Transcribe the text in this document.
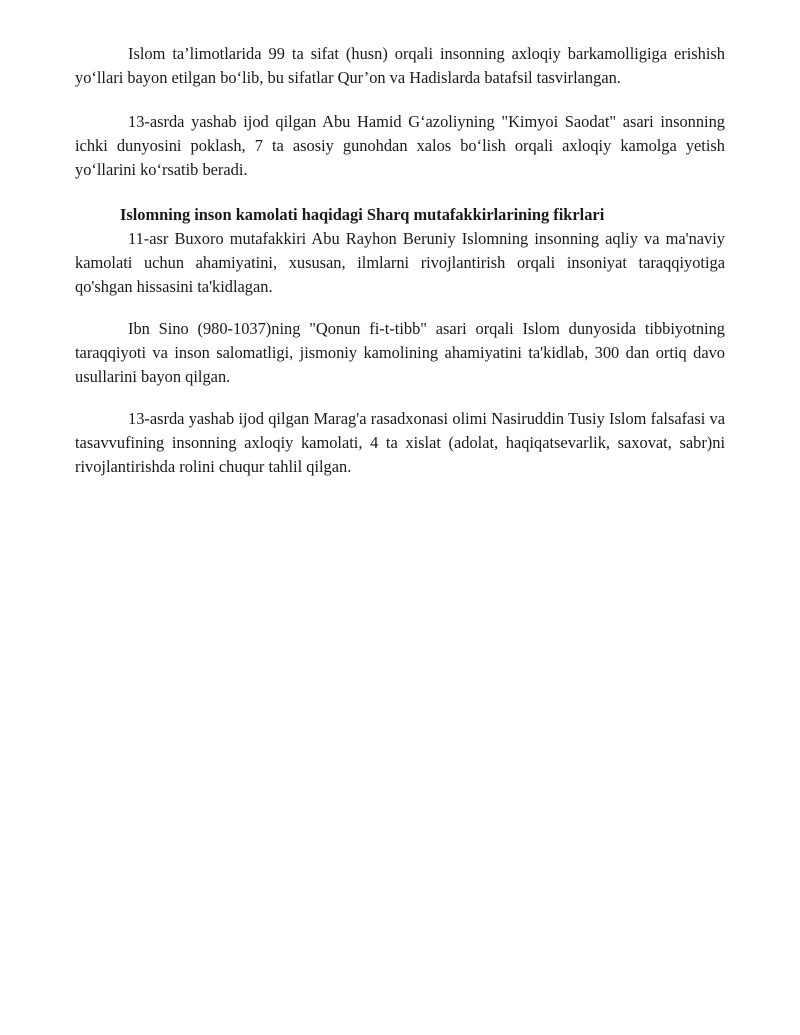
Islom ta’limotlarida 99 ta sifat (husn) orqali insonning axloqiy barkamolligiga erishish yo‘llari bayon etilgan bo‘lib, bu sifatlar Qur’on va Hadislarda batafsil tasvirlangan.

13-asrda yashab ijod qilgan Abu Hamid G‘azoliyning "Kimyoi Saodat" asari insonning ichki dunyosini poklash, 7 ta asosiy gunohdan xalos bo‘lish orqali axloqiy kamolga yetish yo‘llarini ko‘rsatib beradi.

Islomning inson kamolati haqidagi Sharq mutafakkirlarining fikrlari

11-asr Buxoro mutafakkiri Abu Rayhon Beruniy Islomning insonning aqliy va ma'naviy kamolati uchun ahamiyatini, xususan, ilmlarni rivojlantirish orqali insoniyat taraqqiyotiga qo'shgan hissasini ta'kidlagan.

Ibn Sino (980-1037)ning "Qonun fi-t-tibb" asari orqali Islom dunyosida tibbiyotning taraqqiyoti va inson salomatligi, jismoniy kamolining ahamiyatini ta'kidlab, 300 dan ortiq davo usullarini bayon qilgan.

13-asrda yashab ijod qilgan Marag'a rasadxonasi olimi Nasiruddin Tusiy Islom falsafasi va tasavvufining insonning axloqiy kamolati, 4 ta xislat (adolat, haqiqatsevarlik, saxovat, sabr)ni rivojlantirishda rolini chuqur tahlil qilgan.
